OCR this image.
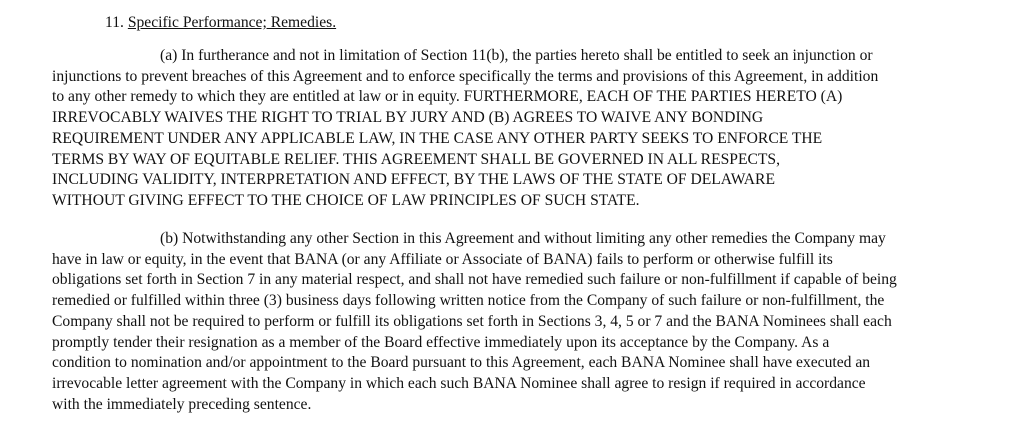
11. Specific Performance; Remedies.
(a) In furtherance and not in limitation of Section 11(b), the parties hereto shall be entitled to seek an injunction or
injunctions to prevent breaches of this Agreement and to enforce specifically the terms and provisions of this Agreement, in addition
to any other remedy to which they are entitled at law or in equity. FURTHERMORE, EACH OF THE PARTIES HERETO (A)
IRREVOCABLY WAIVES THE RIGHT TO TRIAL BY JURY AND (B) AGREES TO WAIVE ANY BONDING
REQUIREMENT UNDER ANY APPLICABLE LAW, IN THE CASE ANY OTHER PARTY SEEKS TO ENFORCE THE
TERMS BY WAY OF EQUITABLE RELIEF. THIS AGREEMENT SHALL BE GOVERNED IN ALL RESPECTS,
INCLUDING VALIDITY, INTERPRETATION AND EFFECT, BY THE LAWS OF THE STATE OF DELAWARE
WITHOUT GIVING EFFECT TO THE CHOICE OF LAW PRINCIPLES OF SUCH STATE.
(b) Notwithstanding any other Section in this Agreement and without limiting any other remedies the Company may
have in law or equity, in the event that BANA (or any Affiliate or Associate of BANA) fails to perform or otherwise fulfill its
obligations set forth in Section 7 in any material respect, and shall not have remedied such failure or non-fulfillment if capable of being
remedied or fulfilled within three (3) business days following written notice from the Company of such failure or non-fulfillment, the
Company shall not be required to perform or fulfill its obligations set forth in Sections 3, 4, 5 or 7 and the BANA Nominees shall each
promptly tender their resignation as a member of the Board effective immediately upon its acceptance by the Company. As a
condition to nomination and/or appointment to the Board pursuant to this Agreement, each BANA Nominee shall have executed an
irrevocable letter agreement with the Company in which each such BANA Nominee shall agree to resign if required in accordance
with the immediately preceding sentence.
